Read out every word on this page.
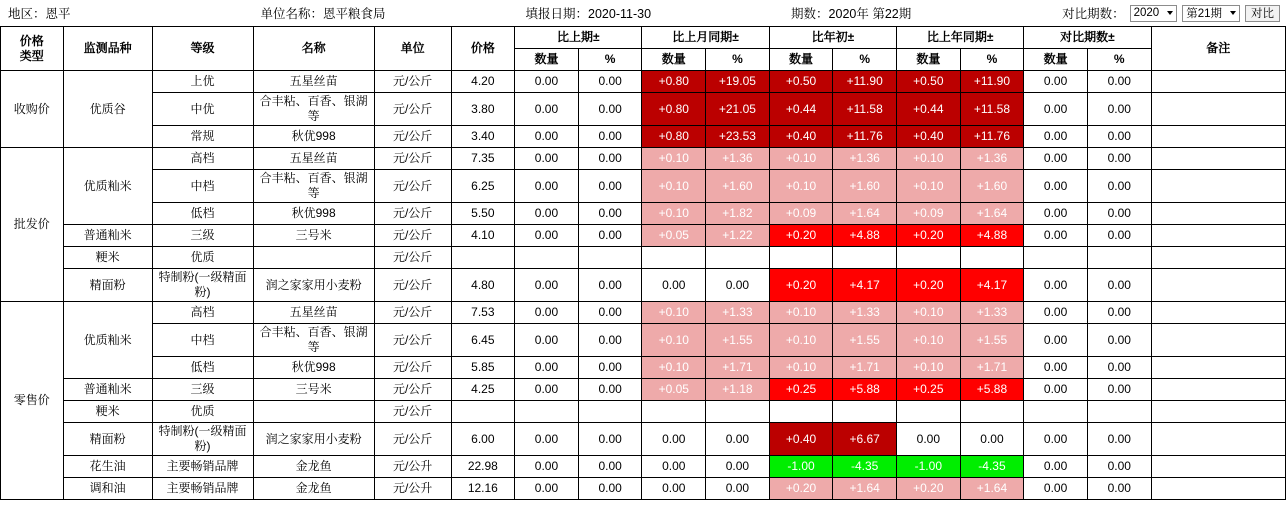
地区：恩平	单位名称：恩平粮食局	填报日期：2020-11-30	期数：2020年 第22期	对比期数： 2020 第21期	对比
价格
类型	监测品种	等级	名称	单位	价格	比上期±		比上月同期±		比年初±		比上年同期±		对比期数±		备注
						数量	%	数量	%	数量	%	数量	%	数量	%	
收购价	优质谷	上优	五星丝苗	元/公斤	4.20	0.00	0.00	+0.80	+19.05	+0.50	+11.90	+0.50	+11.90	0.00	0.00	
		中优	合丰粘、百香、银湖等	元/公斤	3.80	0.00	0.00	+0.80	+21.05	+0.44	+11.58	+0.44	+11.58	0.00	0.00	
		常规	秋优998	元/公斤	3.40	0.00	0.00	+0.80	+23.53	+0.40	+11.76	+0.40	+11.76	0.00	0.00	
批发价	优质籼米	高档	五星丝苗	元/公斤	7.35	0.00	0.00	+0.10	+1.36	+0.10	+1.36	+0.10	+1.36	0.00	0.00	
		中档	合丰粘、百香、银湖等	元/公斤	6.25	0.00	0.00	+0.10	+1.60	+0.10	+1.60	+0.10	+1.60	0.00	0.00	
		低档	秋优998	元/公斤	5.50	0.00	0.00	+0.10	+1.82	+0.09	+1.64	+0.09	+1.64	0.00	0.00	
	普通籼米	三级	三号米	元/公斤	4.10	0.00	0.00	+0.05	+1.22	+0.20	+4.88	+0.20	+4.88	0.00	0.00	
	粳米	优质		元/公斤												
	精面粉	特制粉(一级精面粉)	润之家家用小麦粉	元/公斤	4.80	0.00	0.00	0.00	0.00	+0.20	+4.17	+0.20	+4.17	0.00	0.00	
零售价	优质籼米	高档	五星丝苗	元/公斤	7.53	0.00	0.00	+0.10	+1.33	+0.10	+1.33	+0.10	+1.33	0.00	0.00	
		中档	合丰粘、百香、银湖等	元/公斤	6.45	0.00	0.00	+0.10	+1.55	+0.10	+1.55	+0.10	+1.55	0.00	0.00	
		低档	秋优998	元/公斤	5.85	0.00	0.00	+0.10	+1.71	+0.10	+1.71	+0.10	+1.71	0.00	0.00	
	普通籼米	三级	三号米	元/公斤	4.25	0.00	0.00	+0.05	+1.18	+0.25	+5.88	+0.25	+5.88	0.00	0.00	
	粳米	优质		元/公斤												
	精面粉	特制粉(一级精面粉)	润之家家用小麦粉	元/公斤	6.00	0.00	0.00	0.00	0.00	+0.40	+6.67	0.00	0.00	0.00	0.00	
	花生油	主要畅销品牌	金龙鱼	元/公升	22.98	0.00	0.00	0.00	0.00	-1.00	-4.35	-1.00	-4.35	0.00	0.00	
	调和油	主要畅销品牌	金龙鱼	元/公升	12.16	0.00	0.00	0.00	0.00	+0.20	+1.64	+0.20	+1.64	0.00	0.00	
